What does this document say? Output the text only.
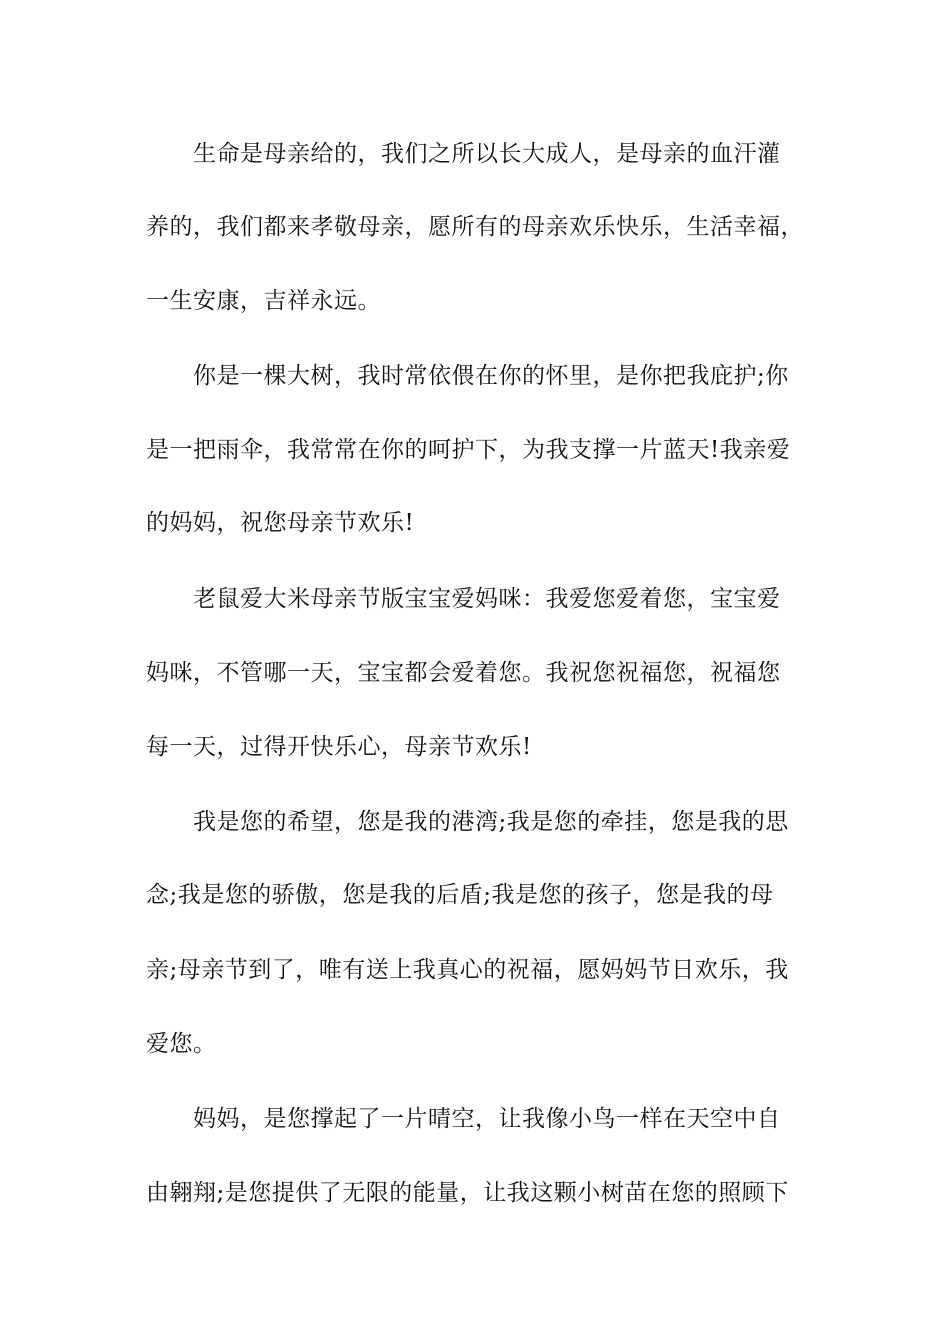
生命是母亲给的，我们之所以长大成人，是母亲的血汗灌
养的，我们都来孝敬母亲，愿所有的母亲欢乐快乐，生活幸福，
一生安康，吉祥永远。
你是一棵大树，我时常依偎在你的怀里，是你把我庇护;你
是一把雨伞，我常常在你的呵护下，为我支撑一片蓝天!我亲爱
的妈妈，祝您母亲节欢乐!
老鼠爱大米母亲节版宝宝爱妈咪：我爱您爱着您，宝宝爱
妈咪，不管哪一天，宝宝都会爱着您。我祝您祝福您，祝福您
每一天，过得开快乐心，母亲节欢乐!
我是您的希望，您是我的港湾;我是您的牵挂，您是我的思
念;我是您的骄傲，您是我的后盾;我是您的孩子，您是我的母
亲;母亲节到了，唯有送上我真心的祝福，愿妈妈节日欢乐，我
爱您。
妈妈，是您撑起了一片晴空，让我像小鸟一样在天空中自
由翱翔;是您提供了无限的能量，让我这颗小树苗在您的照顾下
